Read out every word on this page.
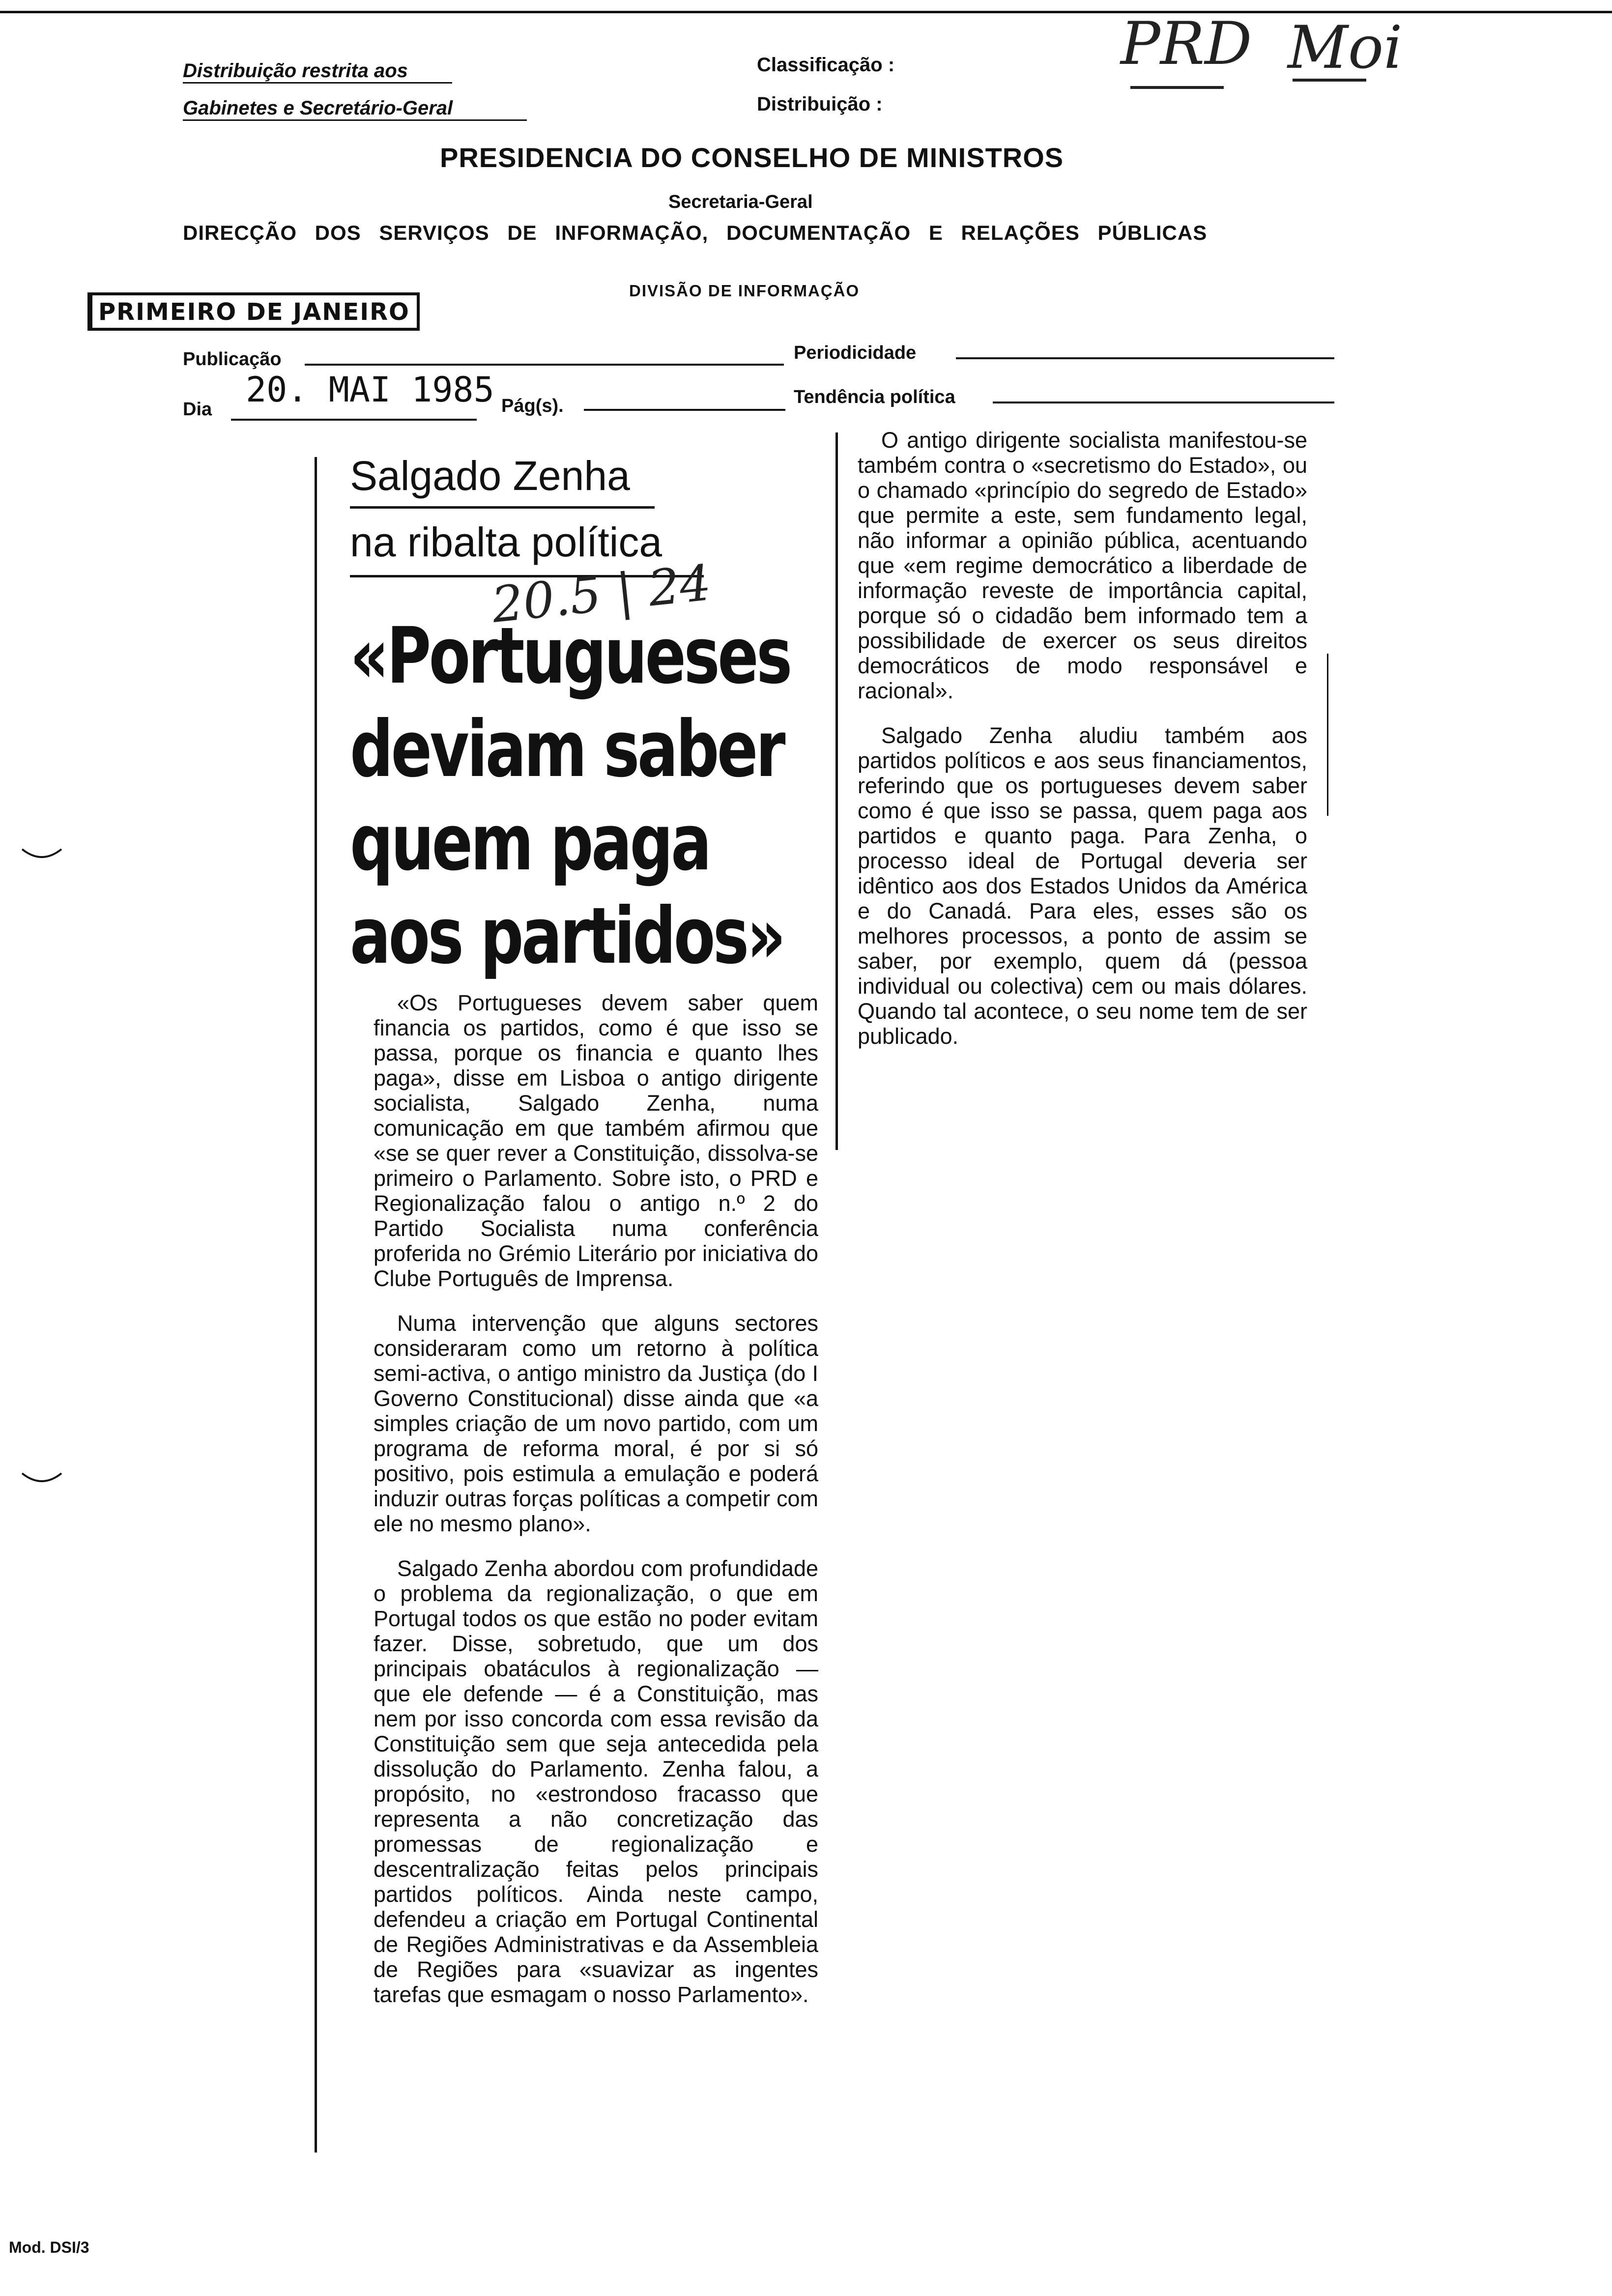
Distribuição restrita aos
Gabinetes e Secretário-Geral
Classificação :
Distribuição :
PRD Moi
PRESIDENCIA DO CONSELHO DE MINISTROS
Secretaria-Geral
DIRECÇÃO DOS SERVIÇOS DE INFORMAÇÃO, DOCUMENTAÇÃO E RELAÇÕES PÚBLICAS
DIVISÃO DE INFORMAÇÃO
PRIMEIRO DE JANEIRO
Publicação	Periodicidade
Dia 20. MAI 1985 Pág(s).	Tendência política
Salgado Zenha
na ribalta política
20.5 | 24
«Portugueses
deviam saber
quem paga
aos partidos»

«Os Portugueses devem saber quem financia os partidos, como é que isso se passa, porque os financia e quanto lhes paga», disse em Lisboa o antigo dirigente socialista, Salgado Zenha, numa comunicação em que também afirmou que «se se quer rever a Constituição, dissolva-se primeiro o Parlamento. Sobre isto, o PRD e Regionalização falou o antigo n.º 2 do Partido Socialista numa conferência proferida no Grémio Literário por iniciativa do Clube Português de Imprensa.

Numa intervenção que alguns sectores consideraram como um retorno à política semi-activa, o antigo ministro da Justiça (do I Governo Constitucional) disse ainda que «a simples criação de um novo partido, com um programa de reforma moral, é por si só positivo, pois estimula a emulação e poderá induzir outras forças políticas a competir com ele no mesmo plano».

Salgado Zenha abordou com profundidade o problema da regionalização, o que em Portugal todos os que estão no poder evitam fazer. Disse, sobretudo, que um dos principais obatáculos à regionalização — que ele defende — é a Constituição, mas nem por isso concorda com essa revisão da Constituição sem que seja antecedida pela dissolução do Parlamento. Zenha falou, a propósito, no «estrondoso fracasso que representa a não concretização das promessas de regionalização e descentralização feitas pelos principais partidos políticos. Ainda neste campo, defendeu a criação em Portugal Continental de Regiões Administrativas e da Assembleia de Regiões para «suavizar as ingentes tarefas que esmagam o nosso Parlamento».

O antigo dirigente socialista manifestou-se também contra o «secretismo do Estado», ou o chamado «princípio do segredo de Estado» que permite a este, sem fundamento legal, não informar a opinião pública, acentuando que «em regime democrático a liberdade de informação reveste de importância capital, porque só o cidadão bem informado tem a possibilidade de exercer os seus direitos democráticos de modo responsável e racional».

Salgado Zenha aludiu também aos partidos políticos e aos seus financiamentos, referindo que os portugueses devem saber como é que isso se passa, quem paga aos partidos e quanto paga. Para Zenha, o processo ideal de Portugal deveria ser idêntico aos dos Estados Unidos da América e do Canadá. Para eles, esses são os melhores processos, a ponto de assim se saber, por exemplo, quem dá (pessoa individual ou colectiva) cem ou mais dólares. Quando tal acontece, o seu nome tem de ser publicado.

Mod. DSI/3
